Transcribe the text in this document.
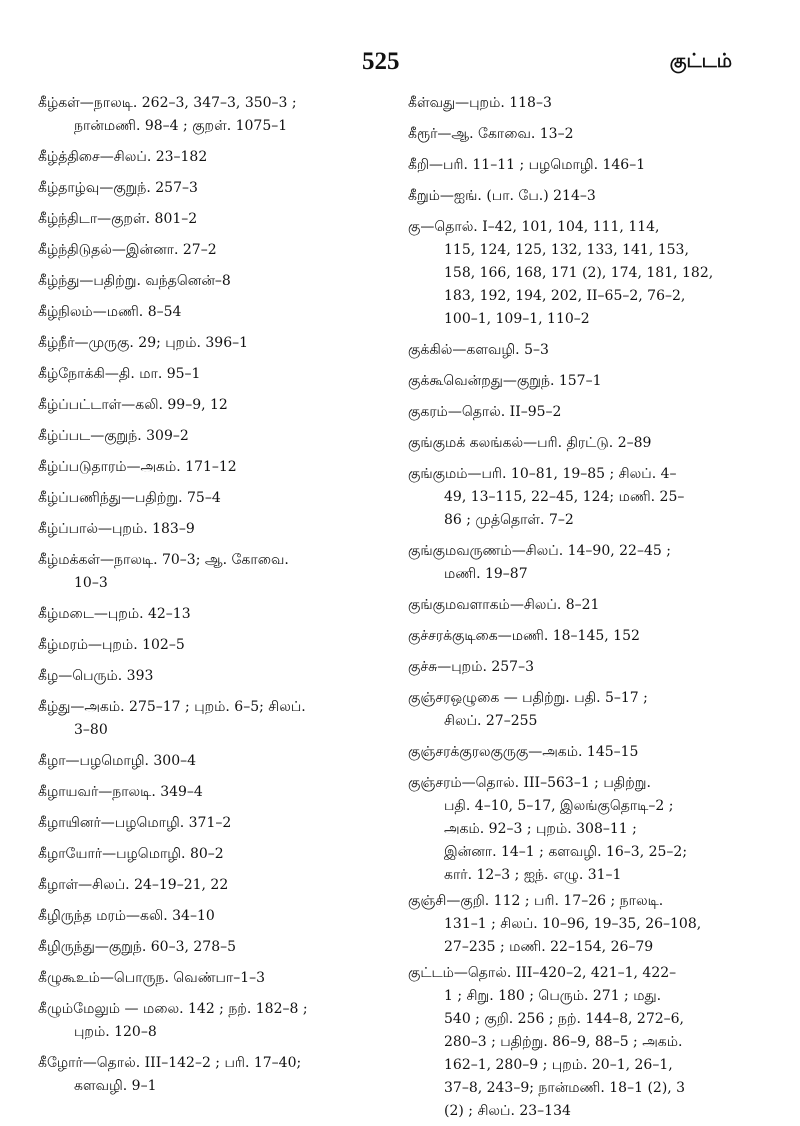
525	குட்டம்

கீழ்கள்—நாலடி. 262–3, 347–3, 350–3 ;
நான்மணி. 98–4 ; குறள். 1075–1

கீழ்த்திசை—சிலப். 23–182

கீழ்தாழ்வு—குறுந். 257–3

கீழ்ந்திடா—குறள். 801–2

கீழ்ந்திடுதல்—இன்னா. 27–2

கீழ்ந்து—பதிற்று. வந்தனென்–8

கீழ்நிலம்—மணி. 8–54

கீழ்நீர்—முருகு. 29; புறம். 396–1

கீழ்நோக்கி—தி. மா. 95–1

கீழ்ப்பட்டாள்—கலி. 99–9, 12

கீழ்ப்பட—குறுந். 309–2

கீழ்ப்படுதாரம்—அகம். 171–12

கீழ்ப்பணிந்து—பதிற்று. 75–4

கீழ்ப்பால்—புறம். 183–9

கீழ்மக்கள்—நாலடி. 70–3; ஆ. கோவை.
10–3

கீழ்மடை—புறம். 42–13

கீழ்மரம்—புறம். 102–5

கீழ—பெரும். 393

கீழ்து—அகம். 275–17 ; புறம். 6–5; சிலப்.
3–80

கீழா—பழமொழி. 300–4

கீழாயவர்—நாலடி. 349–4

கீழாயினர்—பழமொழி. 371–2

கீழாயோர்—பழமொழி. 80–2

கீழாள்—சிலப். 24–19–21, 22

கீழிருந்த மரம்—கலி. 34–10

கீழிருந்து—குறுந். 60–3, 278–5

கீழுகூஉம்—பொருந. வெண்பா–1–3

கீழும்மேலும் — மலை. 142 ; நற். 182–8 ;
புறம். 120–8

கீழோர்—தொல். III–142–2 ; பரி. 17–40;
களவழி. 9–1

கீள்வது—புறம். 118–3

கீரூர்—ஆ. கோவை. 13–2

கீறி—பரி. 11–11 ; பழமொழி. 146–1

கீறும்—ஐங். (பா. பே.) 214–3

கு—தொல். I–42, 101, 104, 111, 114,
115, 124, 125, 132, 133, 141, 153,
158, 166, 168, 171 (2), 174, 181, 182,
183, 192, 194, 202, II–65–2, 76–2,
100–1, 109–1, 110–2

குக்கில்—களவழி. 5–3

குக்கூவென்றது—குறுந். 157–1

குகரம்—தொல். II–95–2

குங்குமக் கலங்கல்—பரி. திரட்டு. 2–89

குங்குமம்—பரி. 10–81, 19–85 ; சிலப். 4–
49, 13–115, 22–45, 124; மணி. 25–
86 ; முத்தொள். 7–2

குங்குமவருணம்—சிலப். 14–90, 22–45 ;
மணி. 19–87

குங்குமவளாகம்—சிலப். 8–21

குச்சரக்குடிகை—மணி. 18–145, 152

குச்சு—புறம். 257–3

குஞ்சரஒழுகை — பதிற்று. பதி. 5–17 ;
சிலப். 27–255

குஞ்சரக்குரலகுருகு—அகம். 145–15

குஞ்சரம்—தொல். III–563–1 ; பதிற்று.
பதி. 4–10, 5–17, இலங்குதொடி–2 ;
அகம். 92–3 ; புறம். 308–11 ;
இன்னா. 14–1 ; களவழி. 16–3, 25–2;
கார். 12–3 ; ஐந். எழு. 31–1

குஞ்சி—குறி. 112 ; பரி. 17–26 ; நாலடி.
131–1 ; சிலப். 10–96, 19–35, 26–108,
27–235 ; மணி. 22–154, 26–79

குட்டம்—தொல். III–420–2, 421–1, 422–
1 ; சிறு. 180 ; பெரும். 271 ; மது.
540 ; குறி. 256 ; நற். 144–8, 272–6,
280–3 ; பதிற்று. 86–9, 88–5 ; அகம்.
162–1, 280–9 ; புறம். 20–1, 26–1,
37–8, 243–9; நான்மணி. 18–1 (2), 3
(2) ; சிலப். 23–134
